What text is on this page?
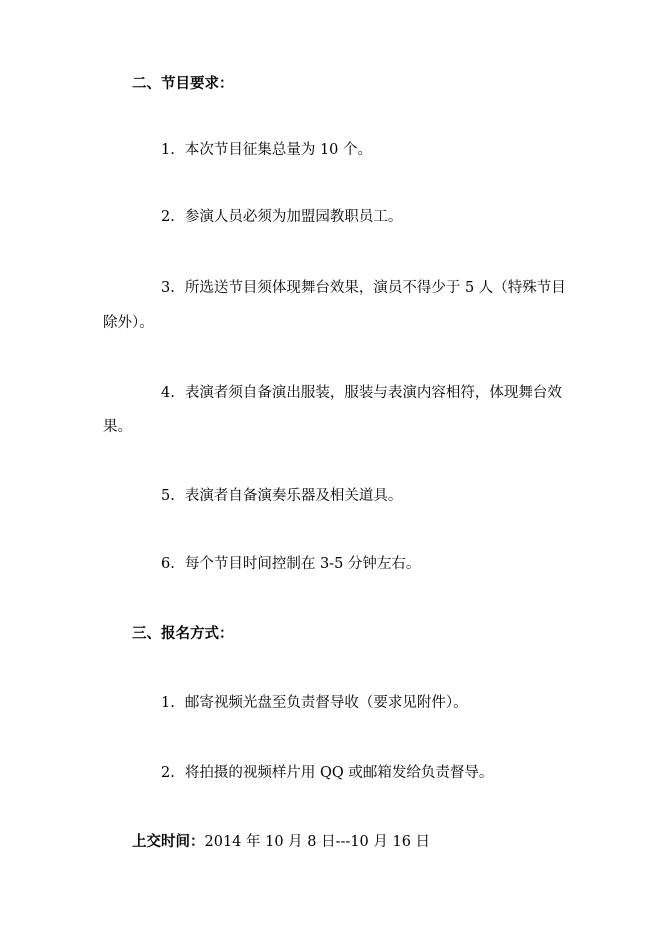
二、节目要求：
1. 本次节目征集总量为 10 个。
2. 参演人员必须为加盟园教职员工。
3. 所选送节目须体现舞台效果，演员不得少于 5 人（特殊节目
除外）。
4. 表演者须自备演出服装，服装与表演内容相符，体现舞台效
果。
5. 表演者自备演奏乐器及相关道具。
6. 每个节目时间控制在 3-5 分钟左右。
三、报名方式：
1. 邮寄视频光盘至负责督导收（要求见附件）。
2. 将拍摄的视频样片用 QQ 或邮箱发给负责督导。
上交时间：2014 年 10 月 8 日---10 月 16 日
